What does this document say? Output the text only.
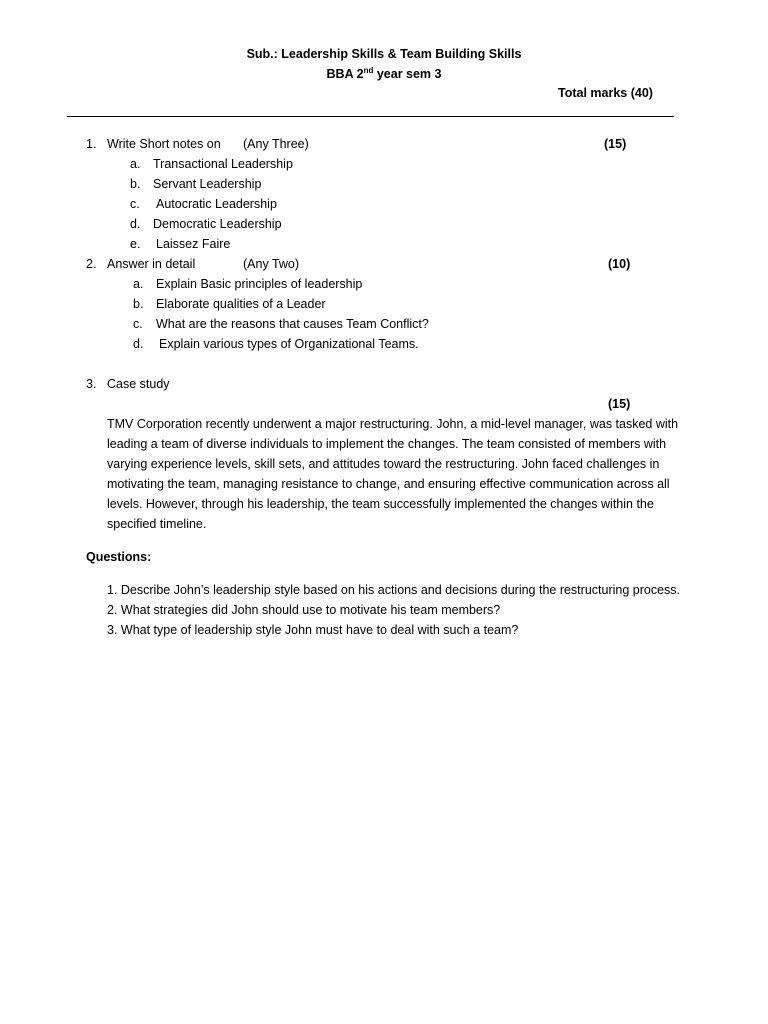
Sub.: Leadership Skills & Team Building Skills
BBA 2nd year sem 3
Total marks (40)
1. Write Short notes on (Any Three)	(15)
a. Transactional Leadership
b. Servant Leadership
c. Autocratic Leadership
d. Democratic Leadership
e. Laissez Faire
2. Answer in detail	(Any Two)	(10)
a. Explain Basic principles of leadership
b. Elaborate qualities of a Leader
c. What are the reasons that causes Team Conflict?
d. Explain various types of Organizational Teams.
3. Case study
(15)
TMV Corporation recently underwent a major restructuring. John, a mid-level manager, was tasked with leading a team of diverse individuals to implement the changes. The team consisted of members with varying experience levels, skill sets, and attitudes toward the restructuring. John faced challenges in motivating the team, managing resistance to change, and ensuring effective communication across all levels. However, through his leadership, the team successfully implemented the changes within the specified timeline.
Questions:
1. Describe John’s leadership style based on his actions and decisions during the restructuring process.
2. What strategies did John should use to motivate his team members?
3. What type of leadership style John must have to deal with such a team?
